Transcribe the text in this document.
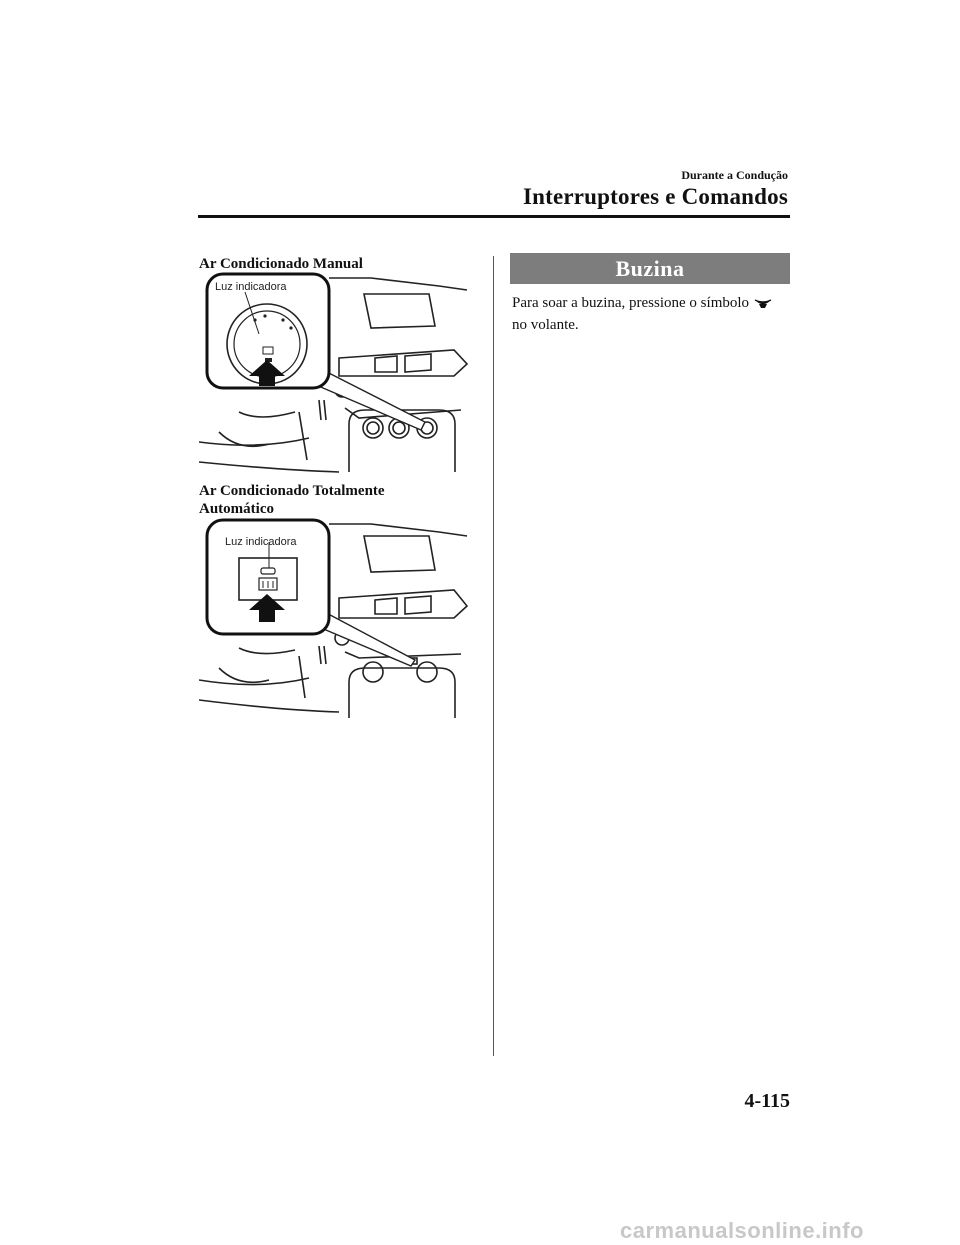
Durante a Condução
Interruptores e Comandos
Ar Condicionado Manual
Luz indicadora
Ar Condicionado Totalmente
Automático
Luz indicadora
Buzina
Para soar a buzina, pressione o símbolo
no volante.
4-115
carmanualsonline.info
